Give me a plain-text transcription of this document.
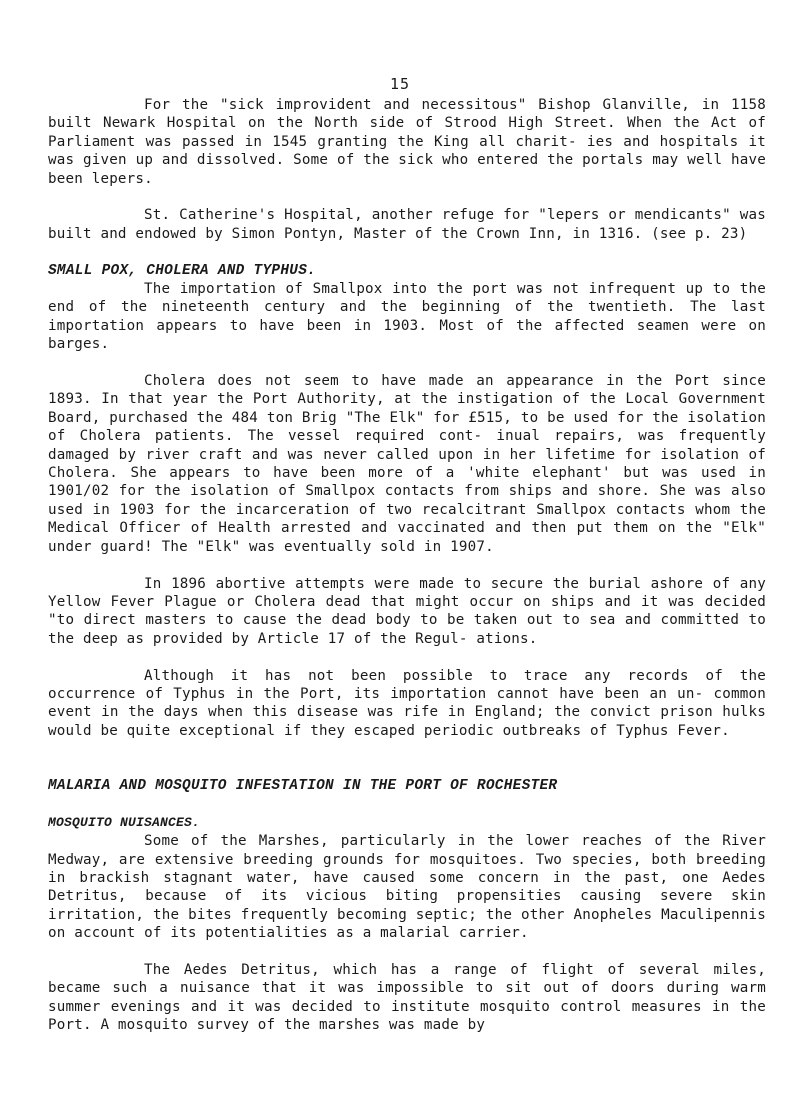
15

For the "sick improvident and necessitous" Bishop Glanville, in 1158 built Newark Hospital on the North side of Strood High Street. When the Act of Parliament was passed in 1545 granting the King all charit- ies and hospitals it was given up and dissolved. Some of the sick who entered the portals may well have been lepers.

St. Catherine's Hospital, another refuge for "lepers or mendicants" was built and endowed by Simon Pontyn, Master of the Crown Inn, in 1316. (see p. 23)

SMALL POX, CHOLERA AND TYPHUS.

The importation of Smallpox into the port was not infrequent up to the end of the nineteenth century and the beginning of the twentieth. The last importation appears to have been in 1903. Most of the affected seamen were on barges.

Cholera does not seem to have made an appearance in the Port since 1893. In that year the Port Authority, at the instigation of the Local Government Board, purchased the 484 ton Brig "The Elk" for £515, to be used for the isolation of Cholera patients. The vessel required cont- inual repairs, was frequently damaged by river craft and was never called upon in her lifetime for isolation of Cholera. She appears to have been more of a 'white elephant' but was used in 1901/02 for the isolation of Smallpox contacts from ships and shore. She was also used in 1903 for the incarceration of two recalcitrant Smallpox contacts whom the Medical Officer of Health arrested and vaccinated and then put them on the "Elk" under guard! The "Elk" was eventually sold in 1907.

In 1896 abortive attempts were made to secure the burial ashore of any Yellow Fever Plague or Cholera dead that might occur on ships and it was decided "to direct masters to cause the dead body to be taken out to sea and committed to the deep as provided by Article 17 of the Regul- ations.

Although it has not been possible to trace any records of the occurrence of Typhus in the Port, its importation cannot have been an un- common event in the days when this disease was rife in England; the convict prison hulks would be quite exceptional if they escaped periodic outbreaks of Typhus Fever.

MALARIA AND MOSQUITO INFESTATION IN THE PORT OF ROCHESTER
MOSQUITO NUISANCES.

Some of the Marshes, particularly in the lower reaches of the River Medway, are extensive breeding grounds for mosquitoes. Two species, both breeding in brackish stagnant water, have caused some concern in the past, one Aedes Detritus, because of its vicious biting propensities causing severe skin irritation, the bites frequently becoming septic; the other Anopheles Maculipennis on account of its potentialities as a malarial carrier.

The Aedes Detritus, which has a range of flight of several miles, became such a nuisance that it was impossible to sit out of doors during warm summer evenings and it was decided to institute mosquito control measures in the Port. A mosquito survey of the marshes was made by
